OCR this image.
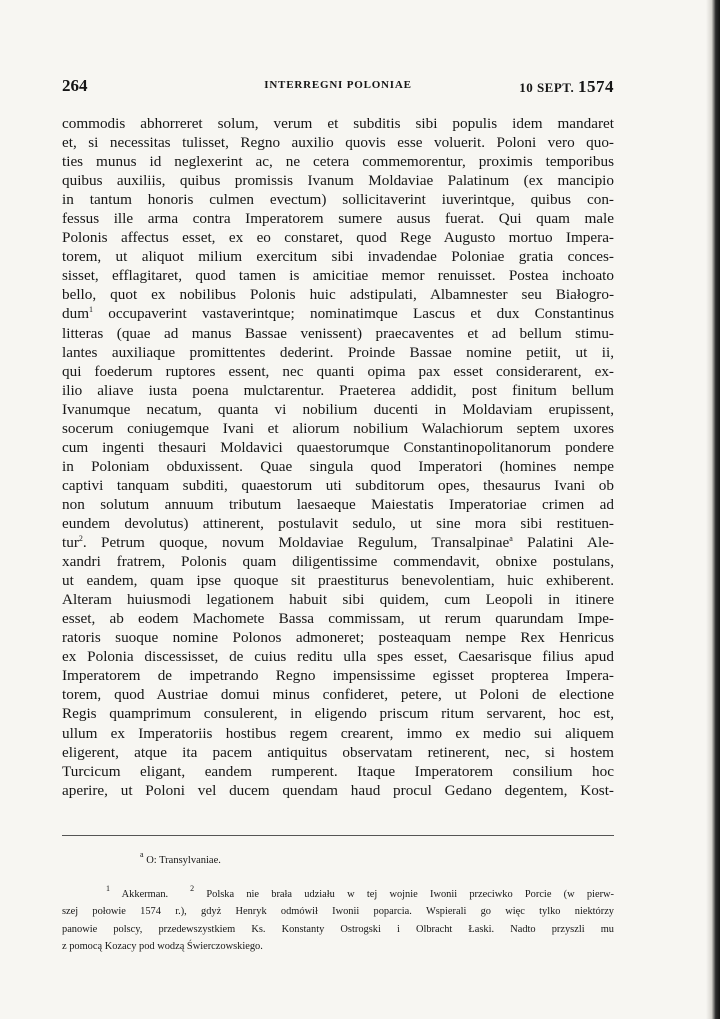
264	INTERREGNI POLONIAE	10 SEPT. 1574
commodis abhorreret solum, verum et subditis sibi populis idem mandaret
et, si necessitas tulisset, Regno auxilio quovis esse voluerit. Poloni vero quo-
ties munus id neglexerint ac, ne cetera commemorentur, proximis temporibus
quibus auxiliis, quibus promissis Ivanum Moldaviae Palatinum (ex mancipio
in tantum honoris culmen evectum) sollicitaverint iuverintque, quibus con-
fessus ille arma contra Imperatorem sumere ausus fuerat. Qui quam male
Polonis affectus esset, ex eo constaret, quod Rege Augusto mortuo Impera-
torem, ut aliquot milium exercitum sibi invadendae Poloniae gratia conces-
sisset, efflagitaret, quod tamen is amicitiae memor renuisset. Postea inchoato
bello, quot ex nobilibus Polonis huic adstipulati, Albamnester seu Białogro-
dum$^1$ occupaverint vastaverintque; nominatimque Lascus et dux Constantinus
litteras (quae ad manus Bassae venissent) praecaventes et ad bellum stimu-
lantes auxiliaque promittentes dederint. Proinde Bassae nomine petiit, ut ii,
qui foederum ruptores essent, nec quanti opima pax esset considerarent, ex-
ilio aliave iusta poena mulctarentur. Praeterea addidit, post finitum bellum
Ivanumque necatum, quanta vi nobilium ducenti in Moldaviam erupissent,
socerum coniugemque Ivani et aliorum nobilium Walachiorum septem uxores
cum ingenti thesauri Moldavici quaestorumque Constantinopolitanorum pondere
in Poloniam obduxissent. Quae singula quod Imperatori (homines nempe
captivi tanquam subditi, quaestorum uti subditorum opes, thesaurus Ivani ob
non solutum annuum tributum laesaeque Maiestatis Imperatoriae crimen ad
eundem devolutus) attinerent, postulavit sedulo, ut sine mora sibi restituen-
tur$^2$. Petrum quoque, novum Moldaviae Regulum, Transalpinae$^a$ Palatini Ale-
xandri fratrem, Polonis quam diligentissime commendavit, obnixe postulans,
ut eandem, quam ipse quoque sit praestiturus benevolentiam, huic exhiberent.
Alteram huiusmodi legationem habuit sibi quidem, cum Leopoli in itinere
esset, ab eodem Machomete Bassa commissam, ut rerum quarundam Impe-
ratoris suoque nomine Polonos admoneret; posteaquam nempe Rex Henricus
ex Polonia discessisset, de cuius reditu ulla spes esset, Caesarisque filius apud
Imperatorem de impetrando Regno impensissime egisset propterea Impera-
torem, quod Austriae domui minus confideret, petere, ut Poloni de electione
Regis quamprimum consulerent, in eligendo priscum ritum servarent, hoc est,
ullum ex Imperatoriis hostibus regem crearent, immo ex medio sui aliquem
eligerent, atque ita pacem antiquitus observatam retinerent, nec, si hostem
Turcicum eligant, eandem rumperent. Itaque Imperatorem consilium hoc
aperire, ut Poloni vel ducem quendam haud procul Gedano degentem, Kost-
$^a$ O: Transylvaniae.
$^1$ Akkerman.$^2$ Polska nie brała udziału w tej wojnie Iwonii przeciwko Porcie (w pierw-
szej połowie 1574 r.), gdyż Henryk odmówił Iwonii poparcia. Wspierali go więc tylko niektórzy
panowie polscy, przedewszystkiem Ks. Konstanty Ostrogski i Olbracht Łaski. Nadto przyszli mu
z pomocą Kozacy pod wodzą Świerczowskiego.
